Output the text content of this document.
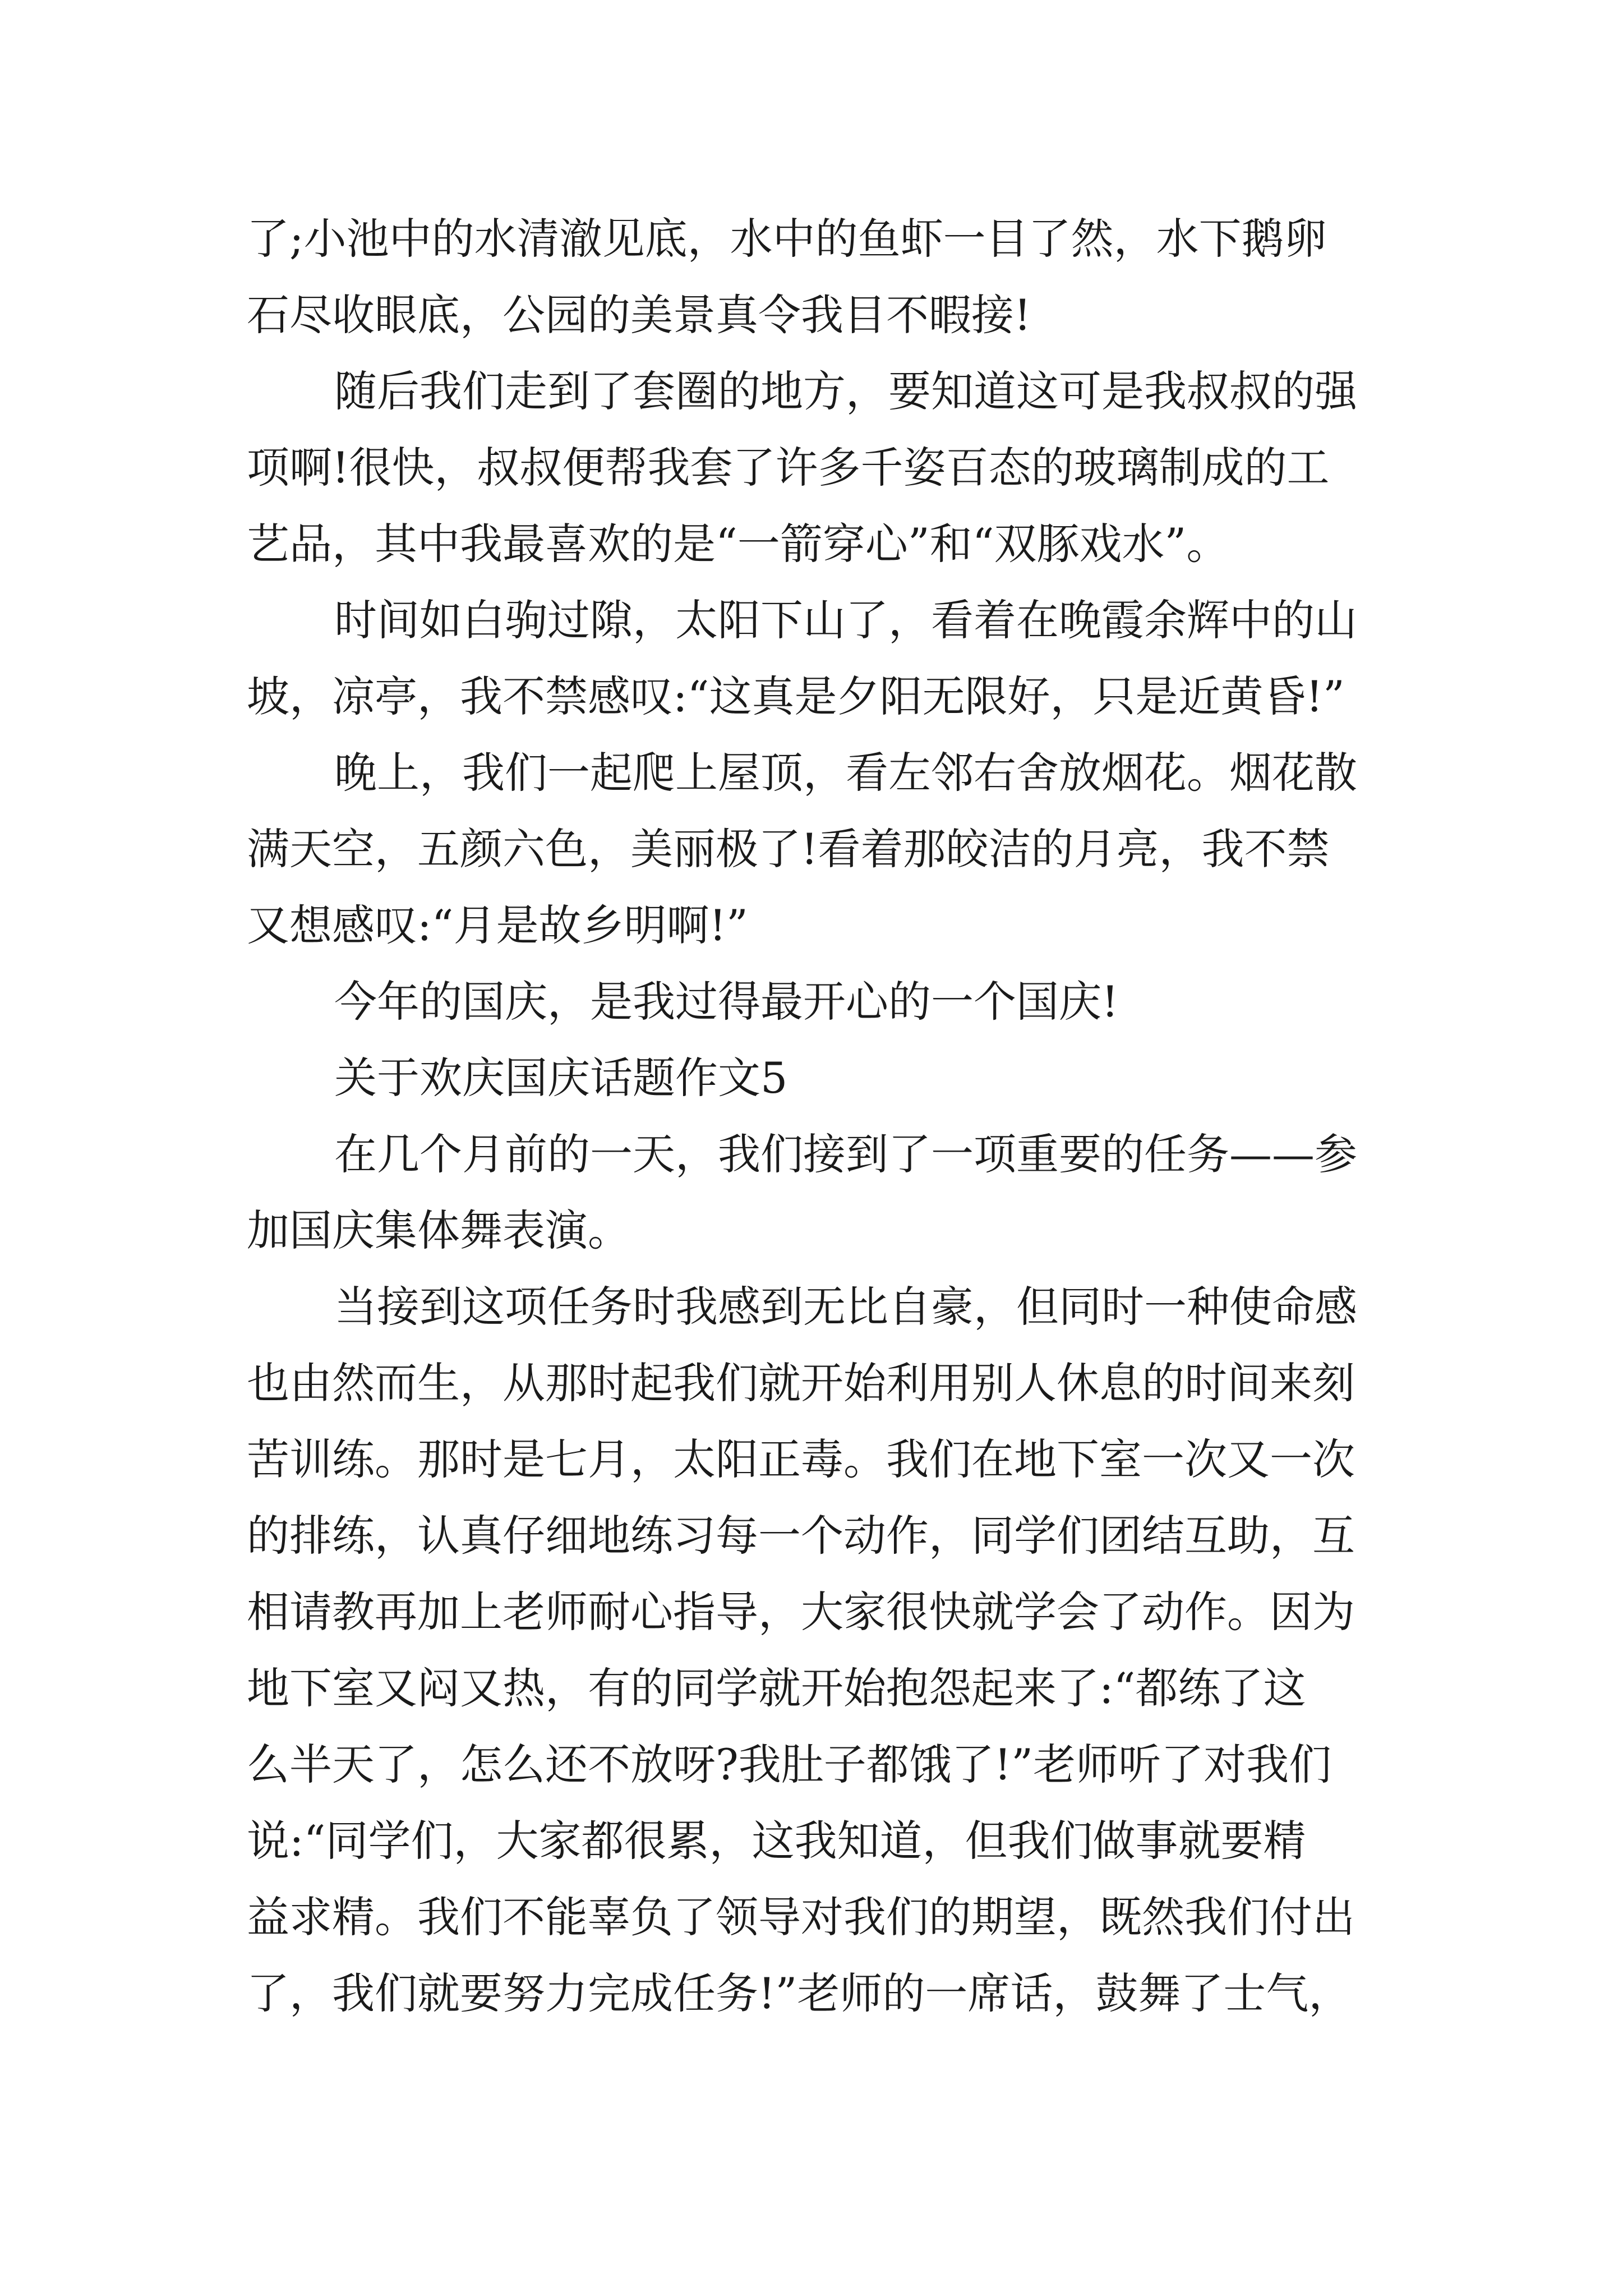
了;小池中的水清澈见底，水中的鱼虾一目了然，水下鹅卵
石尽收眼底，公园的美景真令我目不暇接!
随后我们走到了套圈的地方，要知道这可是我叔叔的强
项啊!很快，叔叔便帮我套了许多千姿百态的玻璃制成的工
艺品，其中我最喜欢的是“一箭穿心”和“双豚戏水”。
时间如白驹过隙，太阳下山了，看着在晚霞余辉中的山
坡，凉亭，我不禁感叹:“这真是夕阳无限好，只是近黄昏!”
晚上，我们一起爬上屋顶，看左邻右舍放烟花。烟花散
满天空，五颜六色，美丽极了!看着那皎洁的月亮，我不禁
又想感叹:“月是故乡明啊!”
今年的国庆，是我过得最开心的一个国庆!
关于欢庆国庆话题作文5
在几个月前的一天，我们接到了一项重要的任务——参
加国庆集体舞表演。
当接到这项任务时我感到无比自豪，但同时一种使命感
也由然而生，从那时起我们就开始利用别人休息的时间来刻
苦训练。那时是七月，太阳正毒。我们在地下室一次又一次
的排练，认真仔细地练习每一个动作，同学们团结互助，互
相请教再加上老师耐心指导，大家很快就学会了动作。因为
地下室又闷又热，有的同学就开始抱怨起来了:“都练了这
么半天了，怎么还不放呀?我肚子都饿了!”老师听了对我们
说:“同学们，大家都很累，这我知道，但我们做事就要精
益求精。我们不能辜负了领导对我们的期望，既然我们付出
了，我们就要努力完成任务!”老师的一席话，鼓舞了士气，
